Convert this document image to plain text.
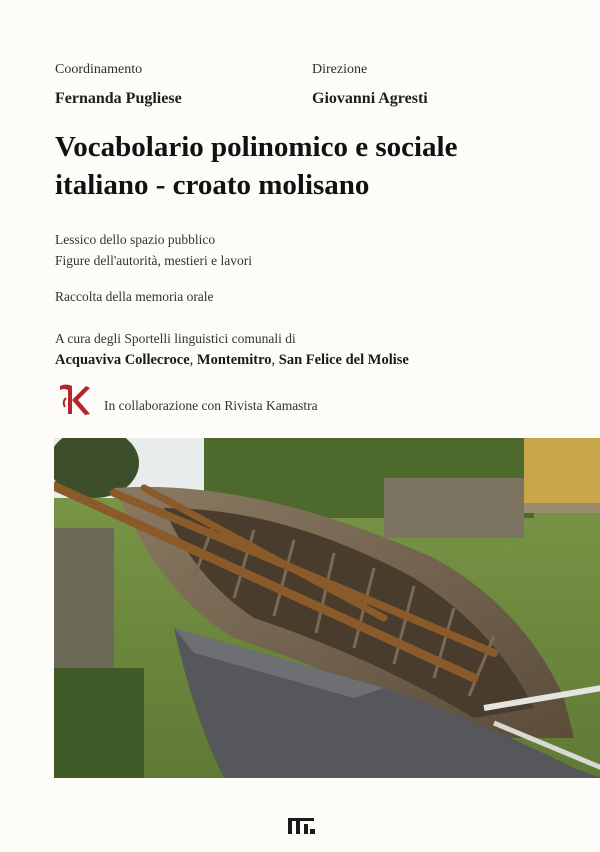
Coordinamento
Fernanda Pugliese
Direzione
Giovanni Agresti
Vocabolario polinomico e sociale
italiano - croato molisano
Lessico dello spazio pubblico
Figure dell'autorità, mestieri e lavori
Raccolta della memoria orale
A cura degli Sportelli linguistici comunali di
Acquaviva Collecroce, Montemitro, San Felice del Molise
In collaborazione con Rivista Kamastra
